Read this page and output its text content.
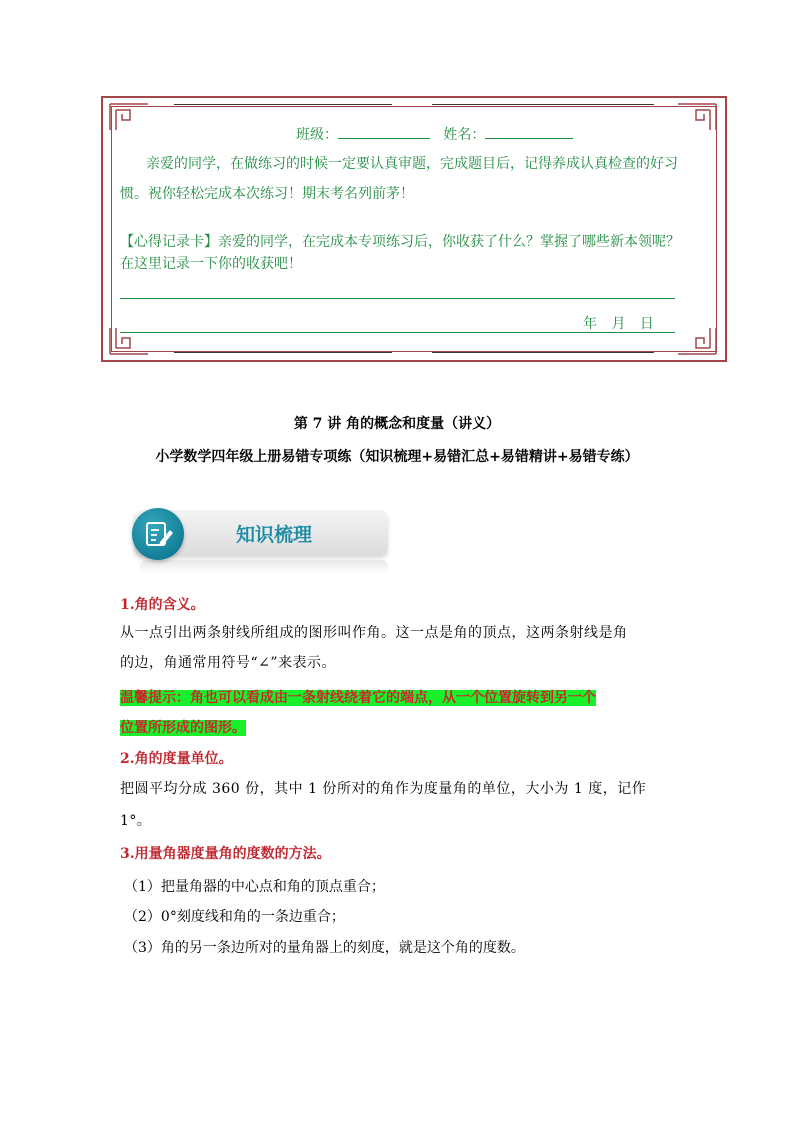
班级：	姓名：
亲爱的同学，在做练习的时候一定要认真审题，完成题目后，记得养成认真检查的好习
惯。祝你轻松完成本次练习！期末考名列前茅！
【心得记录卡】亲爱的同学，在完成本专项练习后，你收获了什么？掌握了哪些新本领呢？
在这里记录一下你的收获吧！
年 月 日
第 7 讲 角的概念和度量（讲义）
小学数学四年级上册易错专项练（知识梳理+易错汇总+易错精讲+易错专练）
知识梳理
1.角的含义。
从一点引出两条射线所组成的图形叫作角。这一点是角的顶点，这两条射线是角
的边，角通常用符号“∠”来表示。
温馨提示：角也可以看成由一条射线绕着它的端点，从一个位置旋转到另一个
位置所形成的图形。
2.角的度量单位。
把圆平均分成 360 份，其中 1 份所对的角作为度量角的单位，大小为 1 度，记作
1°。
3.用量角器度量角的度数的方法。
（1）把量角器的中心点和角的顶点重合；
（2）0°刻度线和角的一条边重合；
（3）角的另一条边所对的量角器上的刻度，就是这个角的度数。
